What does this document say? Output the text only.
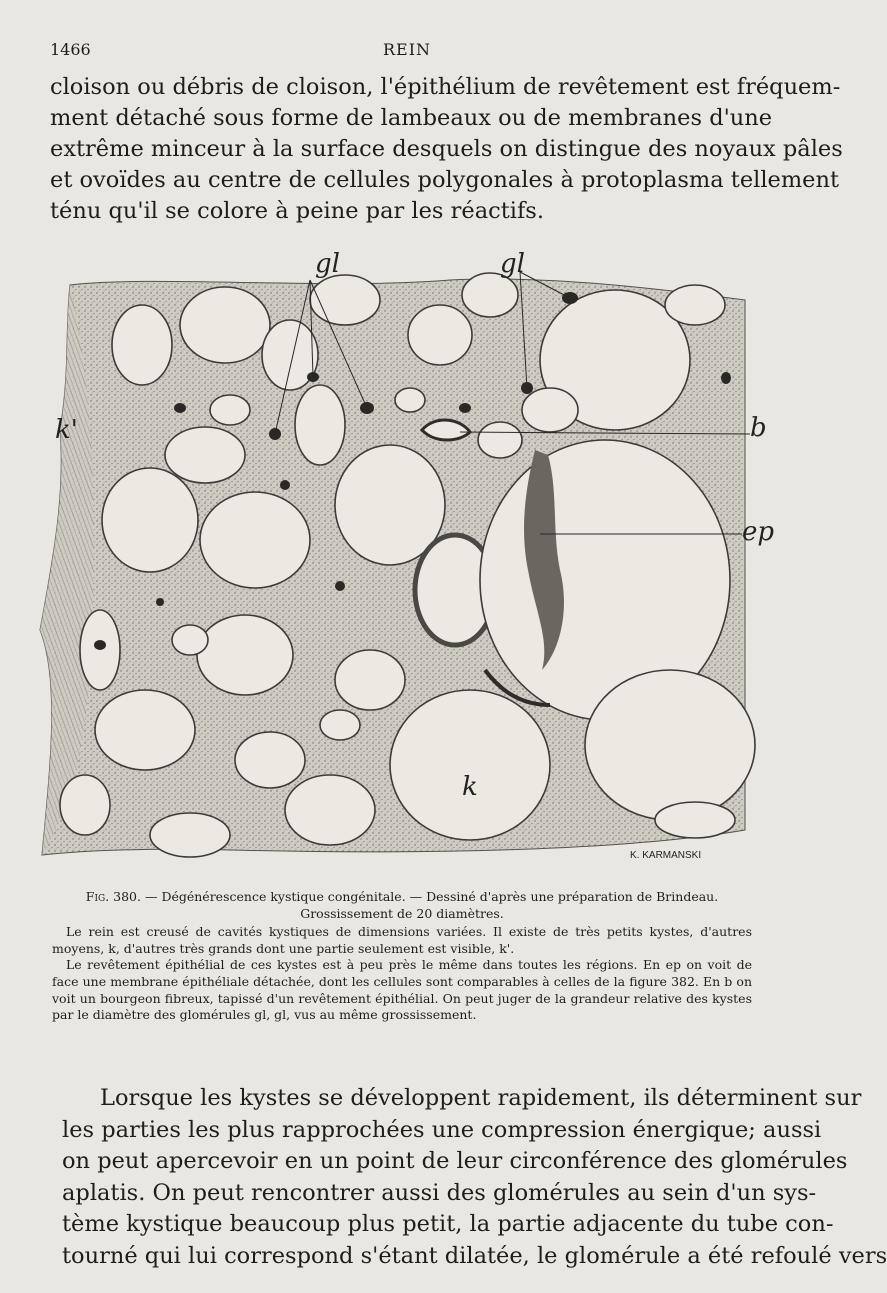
1466	REIN
cloison ou débris de cloison, l'épithélium de revêtement est fréquem-
ment détaché sous forme de lambeaux ou de membranes d'une
extrême minceur à la surface desquels on distingue des noyaux pâles
et ovoïdes au centre de cellules polygonales à protoplasma tellement
ténu qu'il se colore à peine par les réactifs.
gl	gl
k'	b
ep
k
K. KARMANSKI
Fig. 380. — Dégénérescence kystique congénitale. — Dessiné d'après une préparation de Brindeau.
Grossissement de 20 diamètres.

Le rein est creusé de cavités kystiques de dimensions variées. Il existe de très petits kystes, d'autres moyens, k, d'autres très grands dont une partie seulement est visible, k'.

Le revêtement épithélial de ces kystes est à peu près le même dans toutes les régions. En ep on voit de face une membrane épithéliale détachée, dont les cellules sont comparables à celles de la figure 382. En b on voit un bourgeon fibreux, tapissé d'un revêtement épithélial. On peut juger de la grandeur relative des kystes par le diamètre des glomérules gl, gl, vus au même grossissement.

Lorsque les kystes se développent rapidement, ils déterminent sur
les parties les plus rapprochées une compression énergique; aussi
on peut apercevoir en un point de leur circonférence des glomérules
aplatis. On peut rencontrer aussi des glomérules au sein d'un sys-
tème kystique beaucoup plus petit, la partie adjacente du tube con-
tourné qui lui correspond s'étant dilatée, le glomérule a été refoulé vers
